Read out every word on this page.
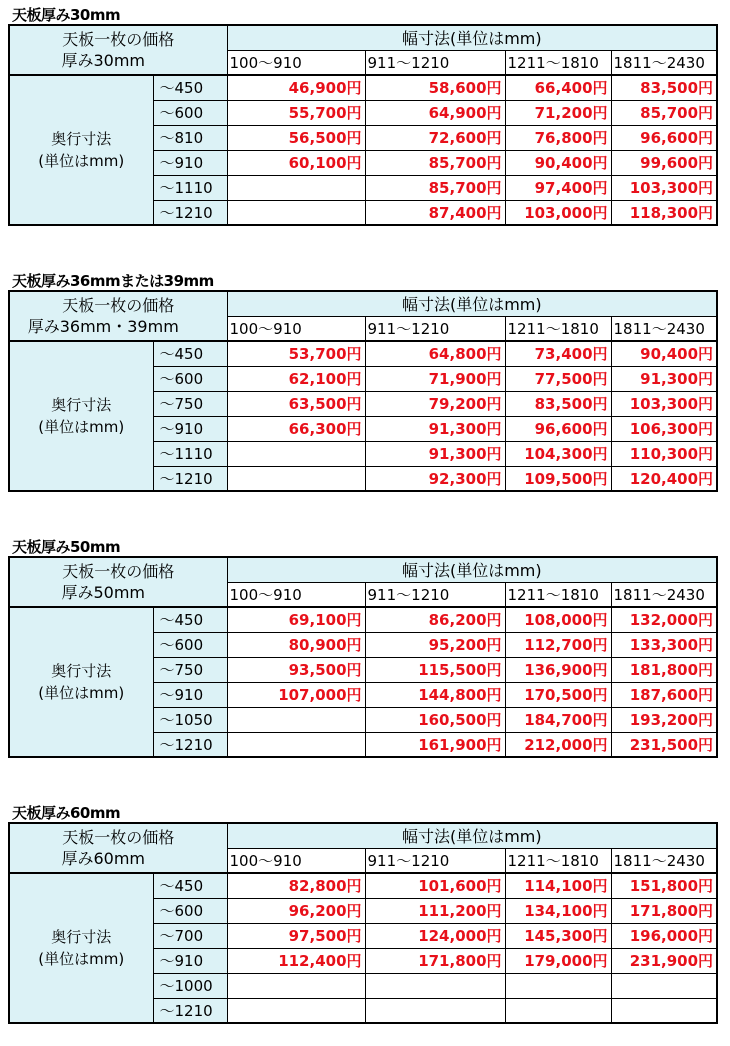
天板厚み30mm
天板一枚の価格
厚み30mm		幅寸法(単位はmm)			
		100〜910	911〜1210	1211〜1810	1811〜2430

奥行寸法
(単位はmm)	〜450	46,900円	58,600円	66,400円	83,500円
	〜600	55,700円	64,900円	71,200円	85,700円
	〜810	56,500円	72,600円	76,800円	96,600円
	〜910	60,100円	85,700円	90,400円	99,600円
	〜1110		85,700円	97,400円	103,300円
	〜1210		87,400円	103,000円	118,300円
天板厚み36mmまたは39mm
天板一枚の価格
厚み36mm・39mm		幅寸法(単位はmm)			
		100〜910	911〜1210	1211〜1810	1811〜2430

奥行寸法
(単位はmm)	〜450	53,700円	64,800円	73,400円	90,400円
	〜600	62,100円	71,900円	77,500円	91,300円
	〜750	63,500円	79,200円	83,500円	103,300円
	〜910	66,300円	91,300円	96,600円	106,300円
	〜1110		91,300円	104,300円	110,300円
	〜1210		92,300円	109,500円	120,400円
天板厚み50mm
天板一枚の価格
厚み50mm		幅寸法(単位はmm)			
		100〜910	911〜1210	1211〜1810	1811〜2430

奥行寸法
(単位はmm)	〜450	69,100円	86,200円	108,000円	132,000円
	〜600	80,900円	95,200円	112,700円	133,300円
	〜750	93,500円	115,500円	136,900円	181,800円
	〜910	107,000円	144,800円	170,500円	187,600円
	〜1050		160,500円	184,700円	193,200円
	〜1210		161,900円	212,000円	231,500円
天板厚み60mm
天板一枚の価格
厚み60mm		幅寸法(単位はmm)			
		100〜910	911〜1210	1211〜1810	1811〜2430

奥行寸法
(単位はmm)	〜450	82,800円	101,600円	114,100円	151,800円
	〜600	96,200円	111,200円	134,100円	171,800円
	〜700	97,500円	124,000円	145,300円	196,000円
	〜910	112,400円	171,800円	179,000円	231,900円
	〜1000				
	〜1210				
